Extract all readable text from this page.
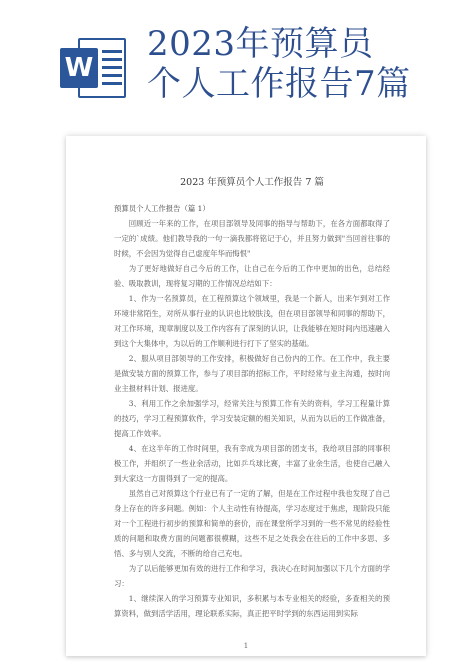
W
2023年预算员
个人工作报告7篇
2023 年预算员个人工作报告 7 篇
预算员个人工作报告（篇 1）

回顾近一年来的工作，在项目部领导及同事的指导与帮助下，在各方面都取得了一定的`成绩。他们教导我的一句一滴我都将铭记于心，并且努力做到"当回首往事的时候，不会因为觉得自己虚度年华而悔恨"

为了更好地做好自己今后的工作，让自己在今后的工作中更加的出色，总结经验、吸取教训，现将复习期的工作情况总结如下：

1、作为一名预算员，在工程预算这个领域里，我是一个新人，出来乍到对工作环境非常陌生，对所从事行业的认识也比较肤浅，但在项目部领导和同事的帮助下，对工作环境，现章制度以及工作内容有了深刻的认识，让我能够在短时间内迅速融入到这个大集体中，为以后的工作顺利进行打下了坚实的基础。

2、服从项目部领导的工作安排，积极做好自己份内的工作。在工作中，我主要是做安装方面的预算工作，参与了项目部的招标工作，平时经常与业主沟通，按时向业主报材料计划、报进度。

3、利用工作之余加强学习，经常关注与预算工作有关的资料，学习工程量计算的技巧，学习工程预算软件，学习安装定额的相关知识，从而为以后的工作做准备，提高工作效率。

4、在这半年的工作时间里，我有幸成为项目部的团支书，我给项目部的同事积极工作，并组织了一些业余活动，比如乒乓球比赛，丰富了业余生活，也使自己融入到大家这一方面得到了一定的提高。

虽然自己对预算这个行业已有了一定的了解，但是在工作过程中我也发现了自己身上存在的许多问题。例如：个人主动性有待提高，学习态度过于焦虑，现阶段只能对一个工程进行初步的预算和简单的套价，而在课堂所学习到的一些不常见的经验性质的问题和取费方面的问题都很模糊，这些不足之处我会在往后的工作中多思、多悟、多与别人交流，不断的给自己充电。

为了以后能够更加有效的进行工作和学习，我决心在时间加强以下几个方面的学习：

1、继续深入的学习预算专业知识，多积累与本专业相关的经验，多查相关的预算资料，做到活学活用，理论联系实际，真正把平时学到的东西运用到实际

1
